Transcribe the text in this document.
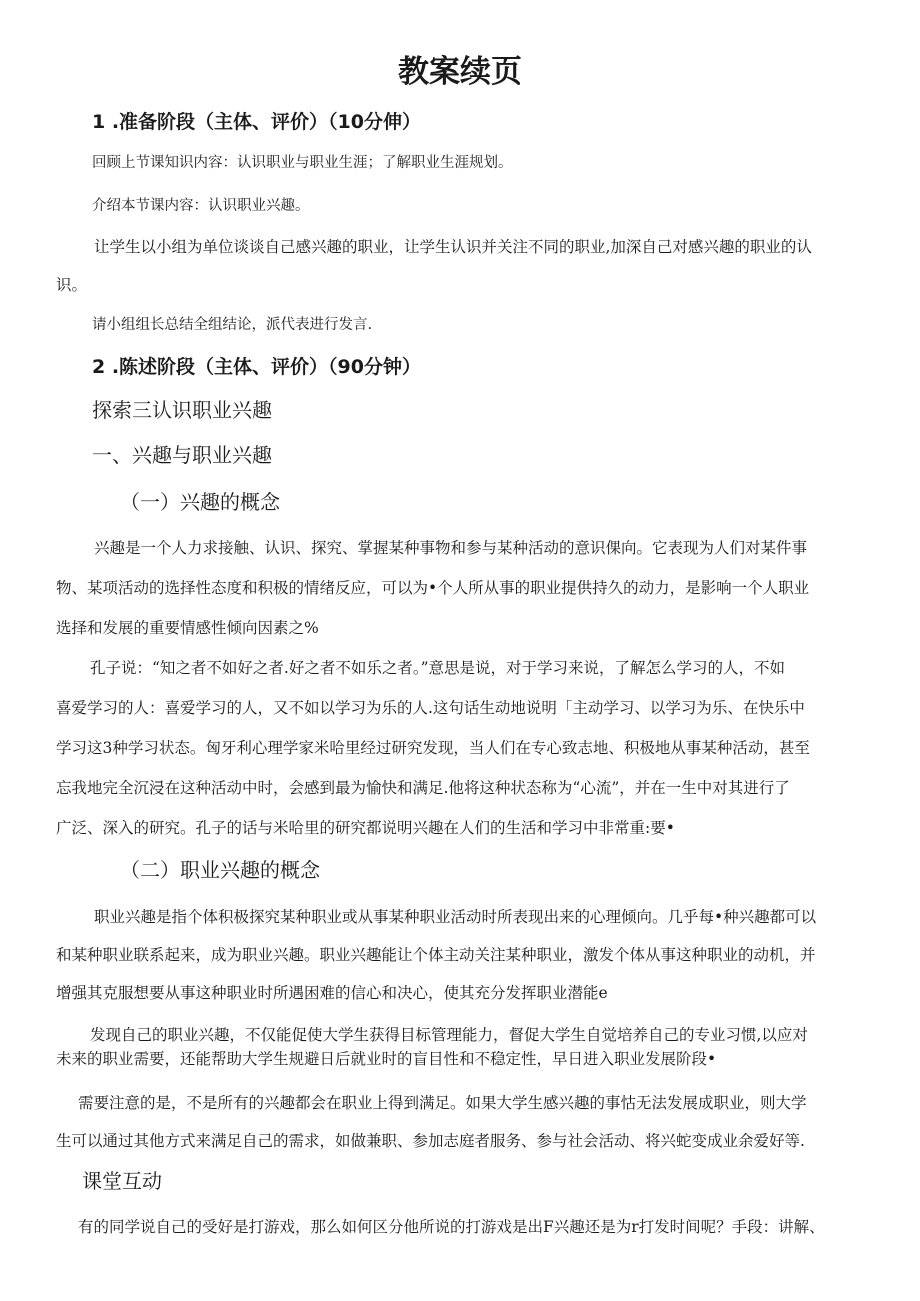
教案续页
1 .准备阶段（主体、评价）（10分伸）

回顾上节课知识内容：认识职业与职业生涯；了解职业生涯规划。

介绍本节课内容：认识职业兴趣。

让学生以小组为单位谈谈自己感兴趣的职业，让学生认识并关注不同的职业,加深自己对感兴趣的职业的认
识。

请小组组长总结全组结论，派代表进行发言.

2 .陈述阶段（主体、评价）（90分钟）
探索三认识职业兴趣
一、兴趣与职业兴趣
（一）兴趣的概念
兴趣是一个人力求接触、认识、探究、掌握某种事物和参与某种活动的意识倮向。它表现为人们对某件事
物、某项活动的选择性态度和积极的情绪反应，可以为•个人所从事的职业提供持久的动力，是影响一个人职业
选择和发展的重要情感性倾向因素之%
孔子说：“知之者不如好之者.好之者不如乐之者。”意思是说，对于学习来说，了解怎么学习的人，不如
喜爱学习的人：喜爱学习的人，又不如以学习为乐的人.这句话生动地说明「主动学习、以学习为乐、在快乐中
学习这3种学习状态。匈牙利心理学家米哈里经过研究发现，当人们在专心致志地、积极地从事某种活动，甚至
忘我地完全沉浸在这种活动中时，会感到最为愉快和满足.他将这种状态称为“心流”，并在一生中对其进行了
广泛、深入的研究。孔子的话与米哈里的研究都说明兴趣在人们的生活和学习中非常重:要•
（二）职业兴趣的概念
职业兴趣是指个体积极探究某种职业或从事某种职业活动时所表现出来的心理倾向。几乎每•种兴趣都可以
和某种职业联系起来，成为职业兴趣。职业兴趣能让个体主动关注某种职业，激发个体从事这种职业的动机，并
增强其克服想要从事这种职业时所遇困难的信心和决心，使其充分发挥职业潜能e
发现自己的职业兴趣，不仅能促使大学生获得目标管理能力，督促大学生自觉培养自己的专业习惯,以应对
未来的职业需要，还能帮助大学生规避日后就业时的盲目性和不稳定性，早日进入职业发展阶段•
需要注意的是，不是所有的兴趣都会在职业上得到满足。如果大学生感兴趣的事怙无法发展成职业，则大学
生可以通过其他方式来满足自己的需求，如做兼职、参加志庭者服务、参与社会活动、将兴蛇变成业余爱好等.
课堂互动
有的同学说自己的受好是打游戏，那么如何区分他所说的打游戏是出F兴趣还是为r打发时间呢？手段：讲解、
